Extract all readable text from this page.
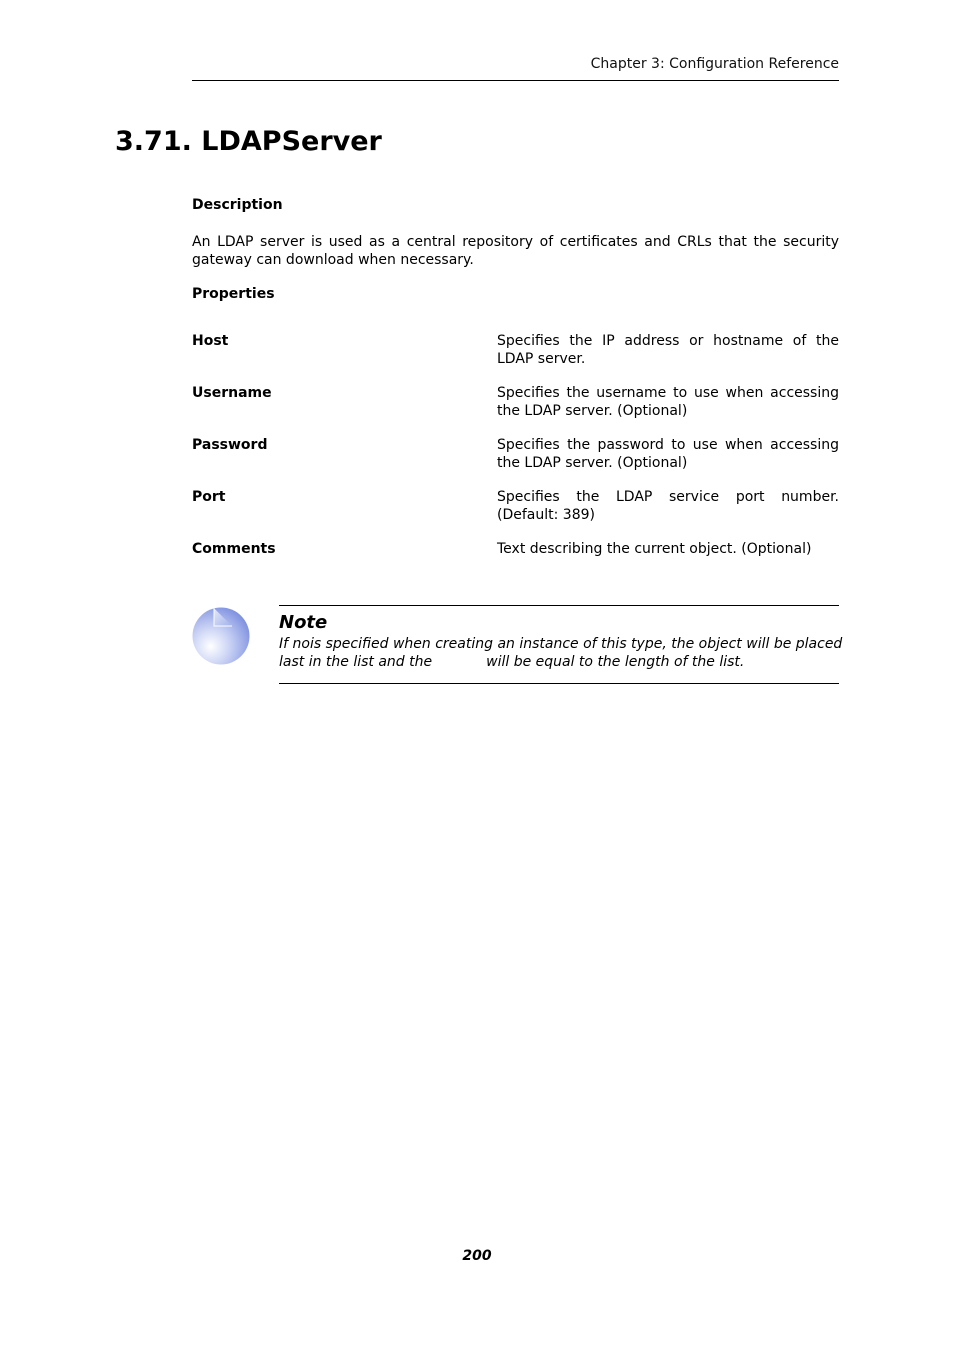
Chapter 3: Configuration Reference
3.71. LDAPServer
Description

An LDAP server is used as a central repository of certificates and CRLs that the security gateway can download when necessary.

Properties
Host	Specifies the IP address or hostname of the LDAP server.
Username	Specifies the username to use when accessing the LDAP server. (Optional)
Password	Specifies the password to use when accessing the LDAP server. (Optional)
Port	Specifies the LDAP service port number. (Default: 389)
Comments	Text describing the current object. (Optional)
Note
If no is specified when creating an instance of this type, the object will be placed
last in the list and the	will be equal to the length of the list.
200
